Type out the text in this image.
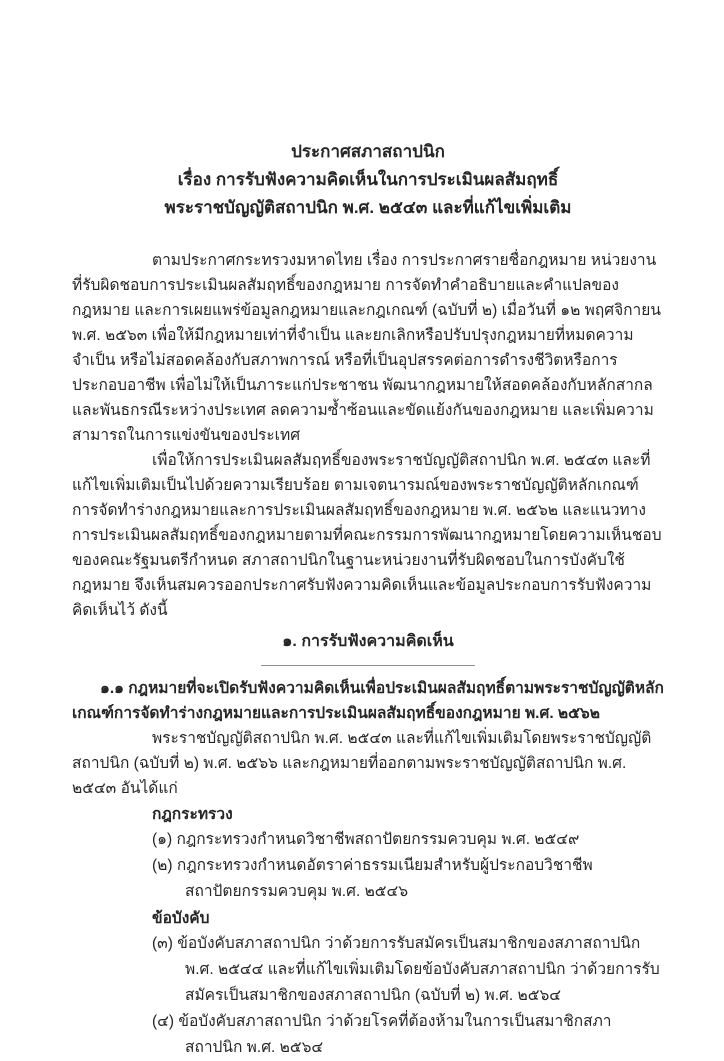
ประกาศสภาสถาปนิก
เรื่อง การรับฟังความคิดเห็นในการประเมินผลสัมฤทธิ์
พระราชบัญญัติสถาปนิก พ.ศ. ๒๕๔๓ และที่แก้ไขเพิ่มเติม

ตามประกาศกระทรวงมหาดไทย เรื่อง การประกาศรายชื่อกฎหมาย หน่วยงานที่รับผิดชอบการประเมินผลสัมฤทธิ์ของกฎหมาย การจัดทำคำอธิบายและคำแปลของกฎหมาย และการเผยแพร่ข้อมูลกฎหมายและกฎเกณฑ์ (ฉบับที่ ๒) เมื่อวันที่ ๑๒ พฤศจิกายน พ.ศ. ๒๕๖๓ เพื่อให้มีกฎหมายเท่าที่จำเป็น และยกเลิกหรือปรับปรุงกฎหมายที่หมดความจำเป็น หรือไม่สอดคล้องกับสภาพการณ์ หรือที่เป็นอุปสรรคต่อการดำรงชีวิตหรือการประกอบอาชีพ เพื่อไม่ให้เป็นภาระแก่ประชาชน พัฒนากฎหมายให้สอดคล้องกับหลักสากลและพันธกรณีระหว่างประเทศ ลดความซ้ำซ้อนและขัดแย้งกันของกฎหมาย และเพิ่มความสามารถในการแข่งขันของประเทศ

เพื่อให้การประเมินผลสัมฤทธิ์ของพระราชบัญญัติสถาปนิก พ.ศ. ๒๕๔๓ และที่แก้ไขเพิ่มเติมเป็นไปด้วยความเรียบร้อย ตามเจตนารมณ์ของพระราชบัญญัติหลักเกณฑ์การจัดทำร่างกฎหมายและการประเมินผลสัมฤทธิ์ของกฎหมาย พ.ศ. ๒๕๖๒ และแนวทางการประเมินผลสัมฤทธิ์ของกฎหมายตามที่คณะกรรมการพัฒนากฎหมายโดยความเห็นชอบของคณะรัฐมนตรีกำหนด สภาสถาปนิกในฐานะหน่วยงานที่รับผิดชอบในการบังคับใช้กฎหมาย จึงเห็นสมควรออกประกาศรับฟังความคิดเห็นและข้อมูลประกอบการรับฟังความคิดเห็นไว้ ดังนี้

๑. การรับฟังความคิดเห็น

๑.๑ กฎหมายที่จะเปิดรับฟังความคิดเห็นเพื่อประเมินผลสัมฤทธิ์ตามพระราชบัญญัติหลักเกณฑ์การจัดทำร่างกฎหมายและการประเมินผลสัมฤทธิ์ของกฎหมาย พ.ศ. ๒๕๖๒

พระราชบัญญัติสถาปนิก พ.ศ. ๒๕๔๓ และที่แก้ไขเพิ่มเติมโดยพระราชบัญญัติสถาปนิก (ฉบับที่ ๒) พ.ศ. ๒๕๖๖ และกฎหมายที่ออกตามพระราชบัญญัติสถาปนิก พ.ศ. ๒๕๔๓ อันได้แก่

กฎกระทรวง

(๑) กฎกระทรวงกำหนดวิชาชีพสถาปัตยกรรมควบคุม พ.ศ. ๒๕๔๙

(๒) กฎกระทรวงกำหนดอัตราค่าธรรมเนียมสำหรับผู้ประกอบวิชาชีพสถาปัตยกรรมควบคุม พ.ศ. ๒๕๔๖

ข้อบังคับ

(๓) ข้อบังคับสภาสถาปนิก ว่าด้วยการรับสมัครเป็นสมาชิกของสภาสถาปนิก พ.ศ. ๒๕๔๔ และที่แก้ไขเพิ่มเติมโดยข้อบังคับสภาสถาปนิก ว่าด้วยการรับสมัครเป็นสมาชิกของสภาสถาปนิก (ฉบับที่ ๒) พ.ศ. ๒๕๖๔

(๔) ข้อบังคับสภาสถาปนิก ว่าด้วยโรคที่ต้องห้ามในการเป็นสมาชิกสภาสถาปนิก พ.ศ. ๒๕๖๔
